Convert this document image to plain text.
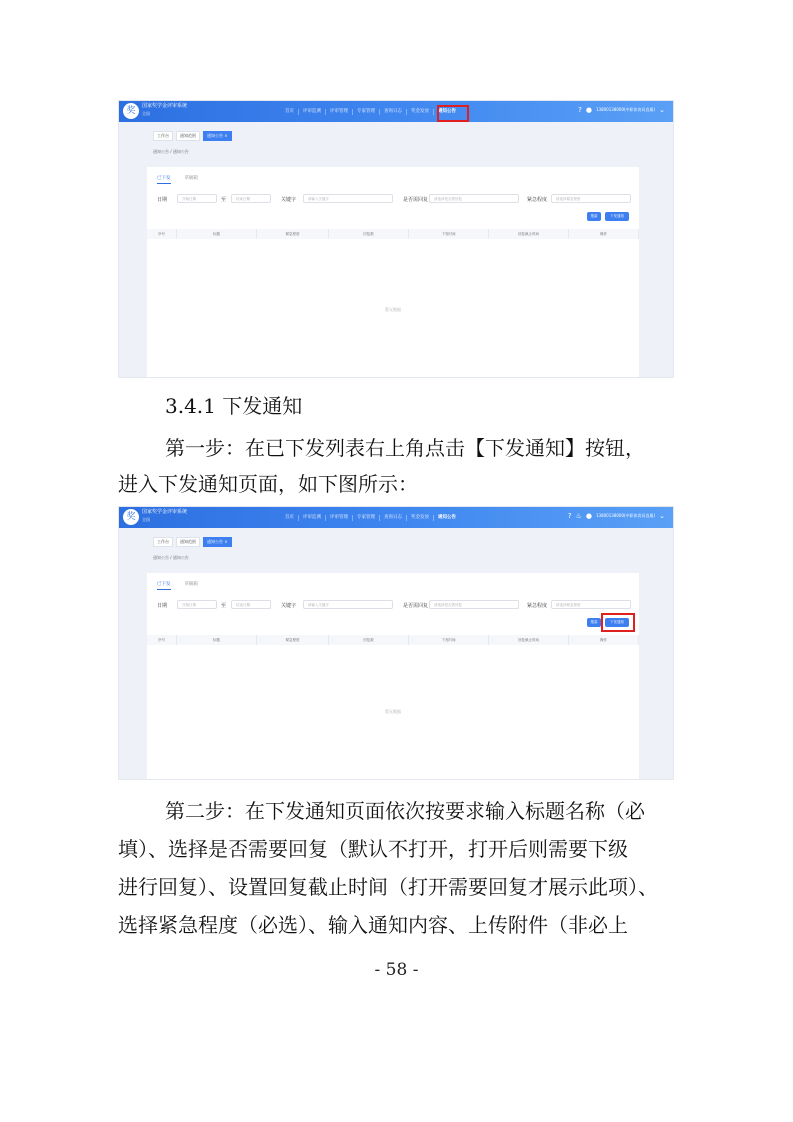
奖	国家奖学金评审系统
全国	首页	评审监测	评审管理	专家管理	查询日志	奖金发放	通知公告	? ● 13800138000(中职体育局直属) ⌄
工作台	通知范围	通知公告 ×
通知公告 / 通知公告
已下发	草稿箱
日期	开始日期	至	结束日期	关键字	请输入关键字	是否需回复	请选择是否需回复	紧急程度	请选择紧急程度
搜索	下发通知
序号	标题	紧急程度	回复数	下发时间	回复截止时间	操作
暂无数据
3.4.1 下发通知
第一步：在已下发列表右上角点击【下发通知】按钮，
进入下发通知页面，如下图所示：
奖	国家奖学金评审系统
全国	首页	评审监测	评审管理	专家管理	查询日志	奖金发放	通知公告	? ♨ ● 13800138000(中职体育局直属) ⌄
工作台	通知范围	通知公告 ×
通知公告 / 通知公告
已下发	草稿箱
日期	开始日期	至	结束日期	关键字	请输入关键字	是否需回复	请选择是否需回复	紧急程度	请选择紧急程度
搜索	下发通知
序号	标题	紧急程度	回复数	下发时间	回复截止时间	操作
暂无数据
第二步：在下发通知页面依次按要求输入标题名称（必
填）、选择是否需要回复（默认不打开，打开后则需要下级
进行回复）、设置回复截止时间（打开需要回复才展示此项）、
选择紧急程度（必选）、输入通知内容、上传附件（非必上
- 58 -
